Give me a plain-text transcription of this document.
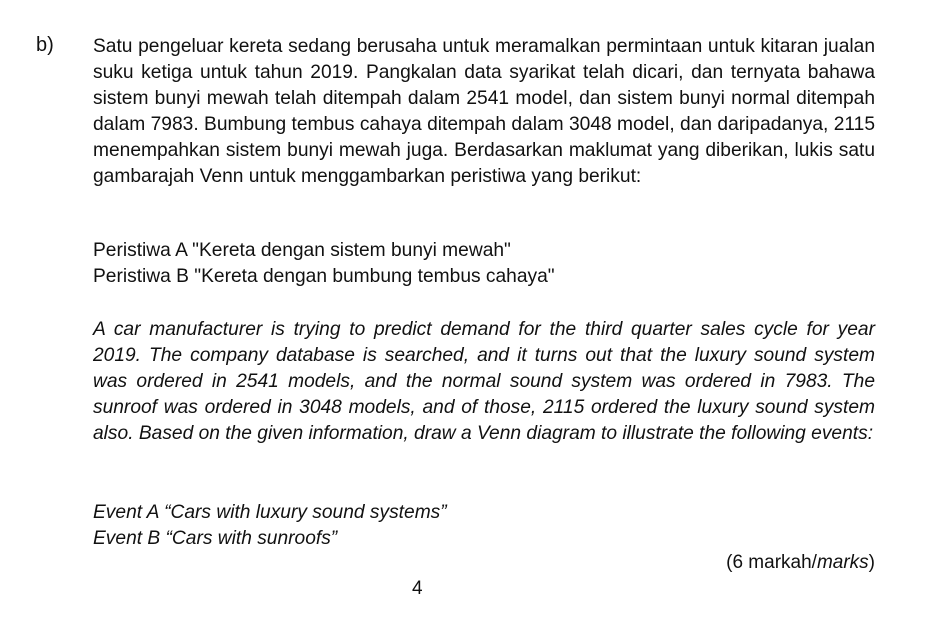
b) Satu pengeluar kereta sedang berusaha untuk meramalkan permintaan untuk kitaran jualan suku ketiga untuk tahun 2019. Pangkalan data syarikat telah dicari, dan ternyata bahawa sistem bunyi mewah telah ditempah dalam 2541 model, dan sistem bunyi normal ditempah dalam 7983. Bumbung tembus cahaya ditempah dalam 3048 model, dan daripadanya, 2115 menempahkan sistem bunyi mewah juga. Berdasarkan maklumat yang diberikan, lukis satu gambarajah Venn untuk menggambarkan peristiwa yang berikut:
Peristiwa A "Kereta dengan sistem bunyi mewah"
Peristiwa B "Kereta dengan bumbung tembus cahaya"
A car manufacturer is trying to predict demand for the third quarter sales cycle for year 2019. The company database is searched, and it turns out that the luxury sound system was ordered in 2541 models, and the normal sound system was ordered in 7983. The sunroof was ordered in 3048 models, and of those, 2115 ordered the luxury sound system also. Based on the given information, draw a Venn diagram to illustrate the following events:
Event A “Cars with luxury sound systems”
Event B “Cars with sunroofs”
(6 markah/marks)
4
